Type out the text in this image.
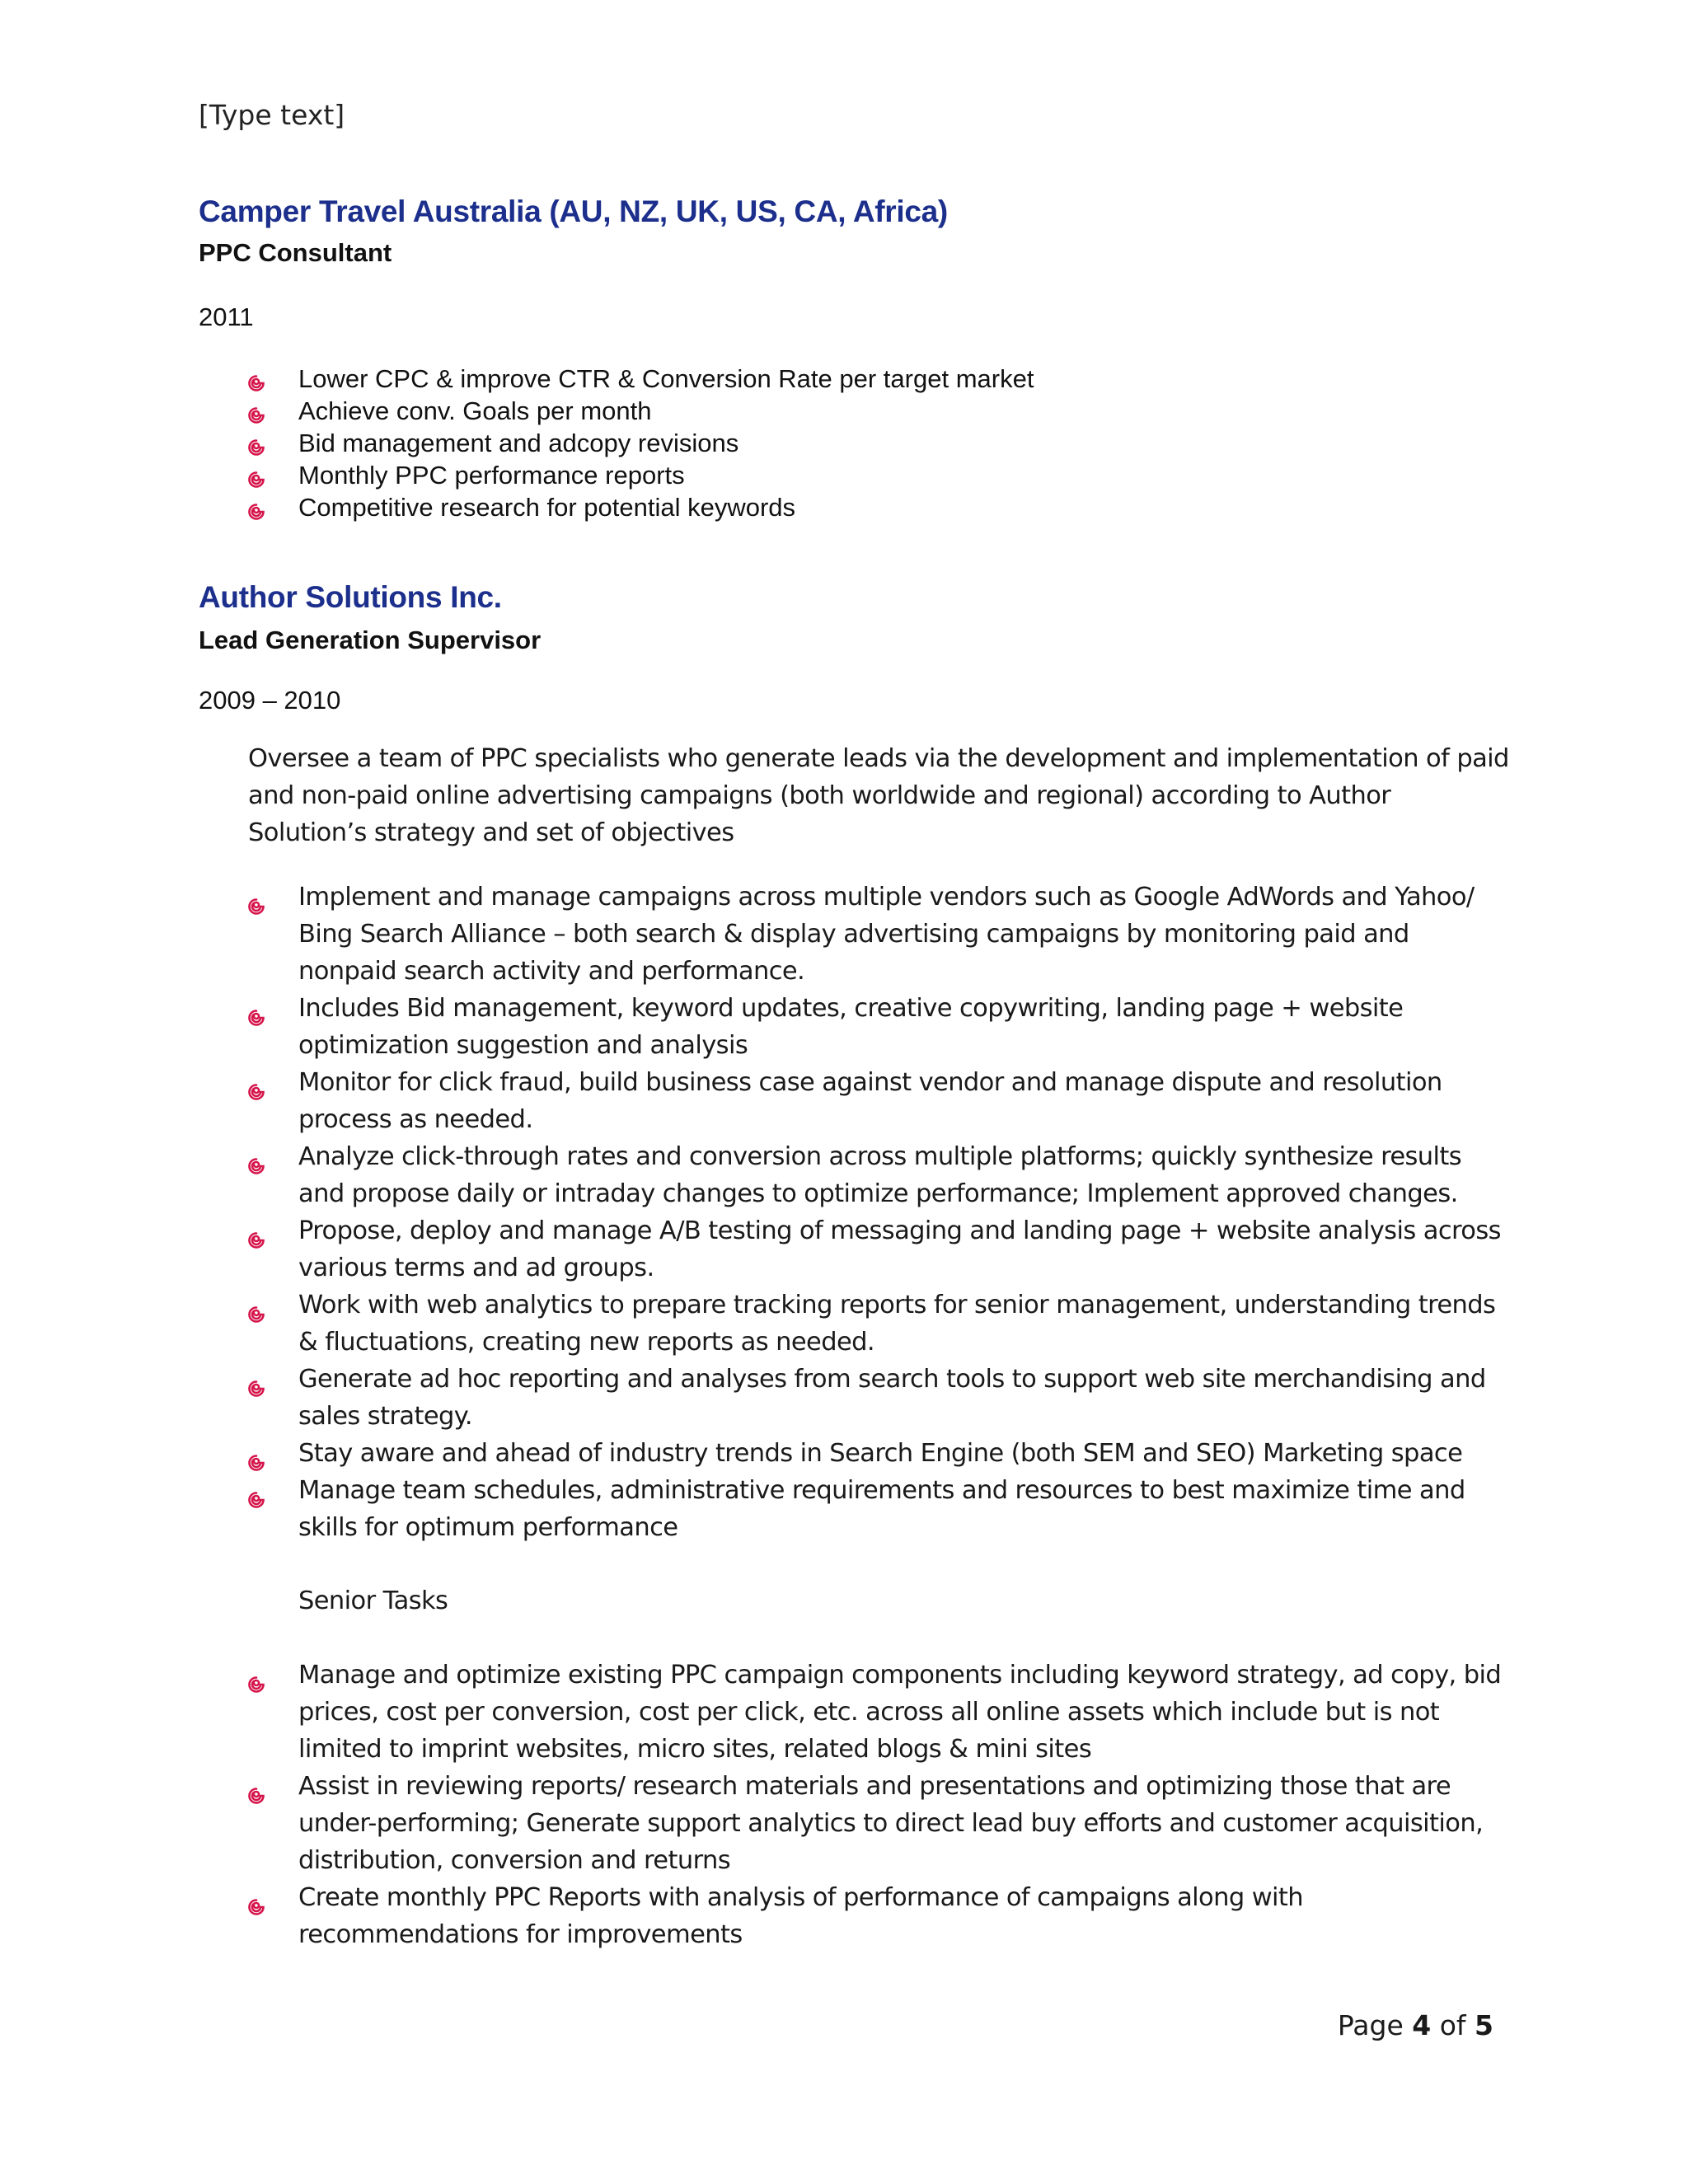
[Type text]
Camper Travel Australia (AU, NZ, UK, US, CA, Africa)
PPC Consultant
2011
Lower CPC & improve CTR & Conversion Rate per target market
Achieve conv. Goals per month
Bid management and adcopy revisions
Monthly PPC performance reports
Competitive research for potential keywords
Author Solutions Inc.
Lead Generation Supervisor
2009 – 2010
Oversee a team of PPC specialists who generate leads via the development and implementation of paid and non-paid online advertising campaigns (both worldwide and regional) according to Author Solution’s strategy and set of objectives
Implement and manage campaigns across multiple vendors such as Google AdWords and Yahoo/ Bing Search Alliance – both search & display advertising campaigns by monitoring paid and nonpaid search activity and performance.
Includes Bid management, keyword updates, creative copywriting, landing page + website optimization suggestion and analysis
Monitor for click fraud, build business case against vendor and manage dispute and resolution process as needed.
Analyze click-through rates and conversion across multiple platforms; quickly synthesize results and propose daily or intraday changes to optimize performance; Implement approved changes.
Propose, deploy and manage A/B testing of messaging and landing page + website analysis across various terms and ad groups.
Work with web analytics to prepare tracking reports for senior management, understanding trends & fluctuations, creating new reports as needed.
Generate ad hoc reporting and analyses from search tools to support web site merchandising and sales strategy.
Stay aware and ahead of industry trends in Search Engine (both SEM and SEO) Marketing space
Manage team schedules, administrative requirements and resources to best maximize time and skills for optimum performance
Senior Tasks
Manage and optimize existing PPC campaign components including keyword strategy, ad copy, bid prices, cost per conversion, cost per click, etc. across all online assets which include but is not limited to imprint websites, micro sites, related blogs & mini sites
Assist in reviewing reports/ research materials and presentations and optimizing those that are under-performing; Generate support analytics to direct lead buy efforts and customer acquisition, distribution, conversion and returns
Create monthly PPC Reports with analysis of performance of campaigns along with recommendations for improvements
Page 4 of 5
